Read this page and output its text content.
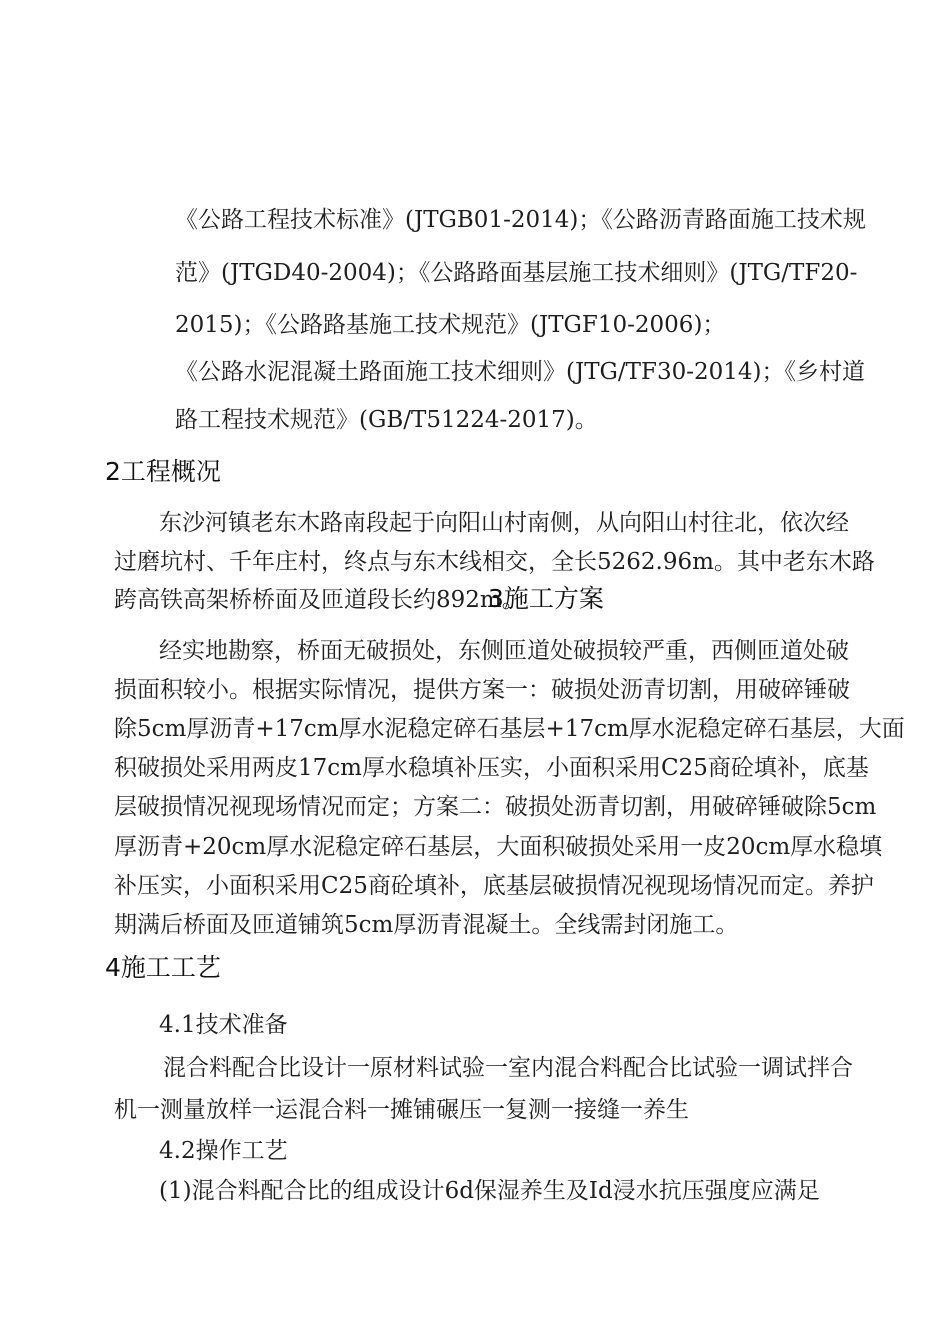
《公路工程技术标准》(JTGB01-2014)；《公路沥青路面施工技术规
范》(JTGD40-2004)；《公路路面基层施工技术细则》(JTG/TF20-
2015)；《公路路基施工技术规范》(JTGF10-2006)；
《公路水泥混凝土路面施工技术细则》(JTG/TF30-2014)；《乡村道
路工程技术规范》(GB/T51224-2017)。
2工程概况
东沙河镇老东木路南段起于向阳山村南侧，从向阳山村往北，依次经
过磨坑村、千年庄村，终点与东木线相交，全长5262.96m。其中老东木路
跨高铁高架桥桥面及匝道段长约892m。
3施工方案
经实地勘察，桥面无破损处，东侧匝道处破损较严重，西侧匝道处破
损面积较小。根据实际情况，提供方案一：破损处沥青切割，用破碎锤破
除5cm厚沥青+17cm厚水泥稳定碎石基层+17cm厚水泥稳定碎石基层，大面
积破损处采用两皮17cm厚水稳填补压实，小面积采用C25商砼填补，底基
层破损情况视现场情况而定；方案二：破损处沥青切割，用破碎锤破除5cm
厚沥青+20cm厚水泥稳定碎石基层，大面积破损处采用一皮20cm厚水稳填
补压实，小面积采用C25商砼填补，底基层破损情况视现场情况而定。养护
期满后桥面及匝道铺筑5cm厚沥青混凝土。全线需封闭施工。
4施工工艺
4.1技术准备
混合料配合比设计一原材料试验一室内混合料配合比试验一调试拌合
机一测量放样一运混合料一摊铺碾压一复测一接缝一养生
4.2操作工艺
(1)混合料配合比的组成设计6d保湿养生及Id浸水抗压强度应满足
